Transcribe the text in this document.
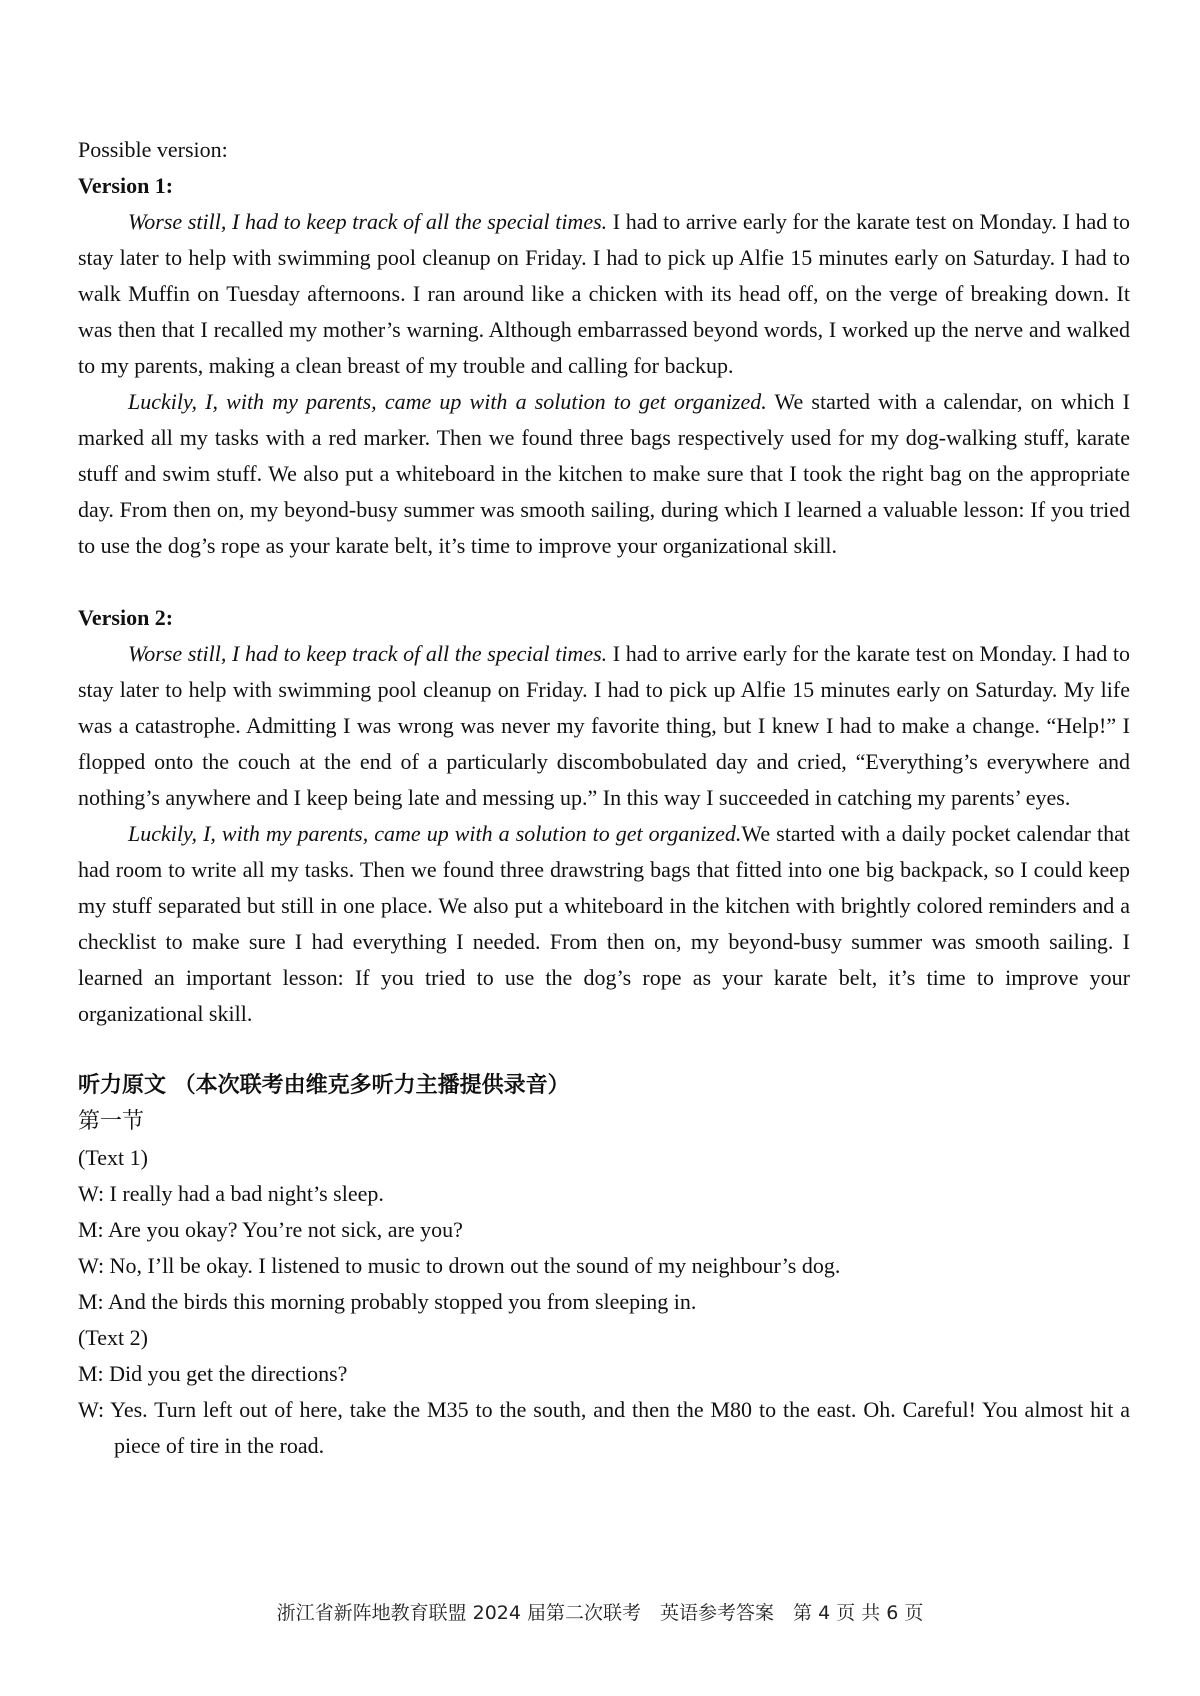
Possible version:

Version 1:

Worse still, I had to keep track of all the special times. I had to arrive early for the karate test on Monday. I had to stay later to help with swimming pool cleanup on Friday. I had to pick up Alfie 15 minutes early on Saturday. I had to walk Muffin on Tuesday afternoons. I ran around like a chicken with its head off, on the verge of breaking down. It was then that I recalled my mother’s warning. Although embarrassed beyond words, I worked up the nerve and walked to my parents, making a clean breast of my trouble and calling for backup.

Luckily, I, with my parents, came up with a solution to get organized. We started with a calendar, on which I marked all my tasks with a red marker. Then we found three bags respectively used for my dog-walking stuff, karate stuff and swim stuff. We also put a whiteboard in the kitchen to make sure that I took the right bag on the appropriate day. From then on, my beyond-busy summer was smooth sailing, during which I learned a valuable lesson: If you tried to use the dog’s rope as your karate belt, it’s time to improve your organizational skill.

Version 2:

Worse still, I had to keep track of all the special times. I had to arrive early for the karate test on Monday. I had to stay later to help with swimming pool cleanup on Friday. I had to pick up Alfie 15 minutes early on Saturday. My life was a catastrophe. Admitting I was wrong was never my favorite thing, but I knew I had to make a change. “Help!” I flopped onto the couch at the end of a particularly discombobulated day and cried, “Everything’s everywhere and nothing’s anywhere and I keep being late and messing up.” In this way I succeeded in catching my parents’ eyes.

Luckily, I, with my parents, came up with a solution to get organized.We started with a daily pocket calendar that had room to write all my tasks. Then we found three drawstring bags that fitted into one big backpack, so I could keep my stuff separated but still in one place. We also put a whiteboard in the kitchen with brightly colored reminders and a checklist to make sure I had everything I needed. From then on, my beyond-busy summer was smooth sailing. I learned an important lesson: If you tried to use the dog’s rope as your karate belt, it’s time to improve your organizational skill.

听力原文 （本次联考由维克多听力主播提供录音）

第一节

(Text 1)

W: I really had a bad night’s sleep.

M: Are you okay? You’re not sick, are you?

W: No, I’ll be okay. I listened to music to drown out the sound of my neighbour’s dog.

M: And the birds this morning probably stopped you from sleeping in.

(Text 2)

M: Did you get the directions?

W: Yes. Turn left out of here, take the M35 to the south, and then the M80 to the east. Oh. Careful! You almost hit a piece of tire in the road.

浙江省新阵地教育联盟 2024 届第二次联考　英语参考答案　第 4 页 共 6 页
